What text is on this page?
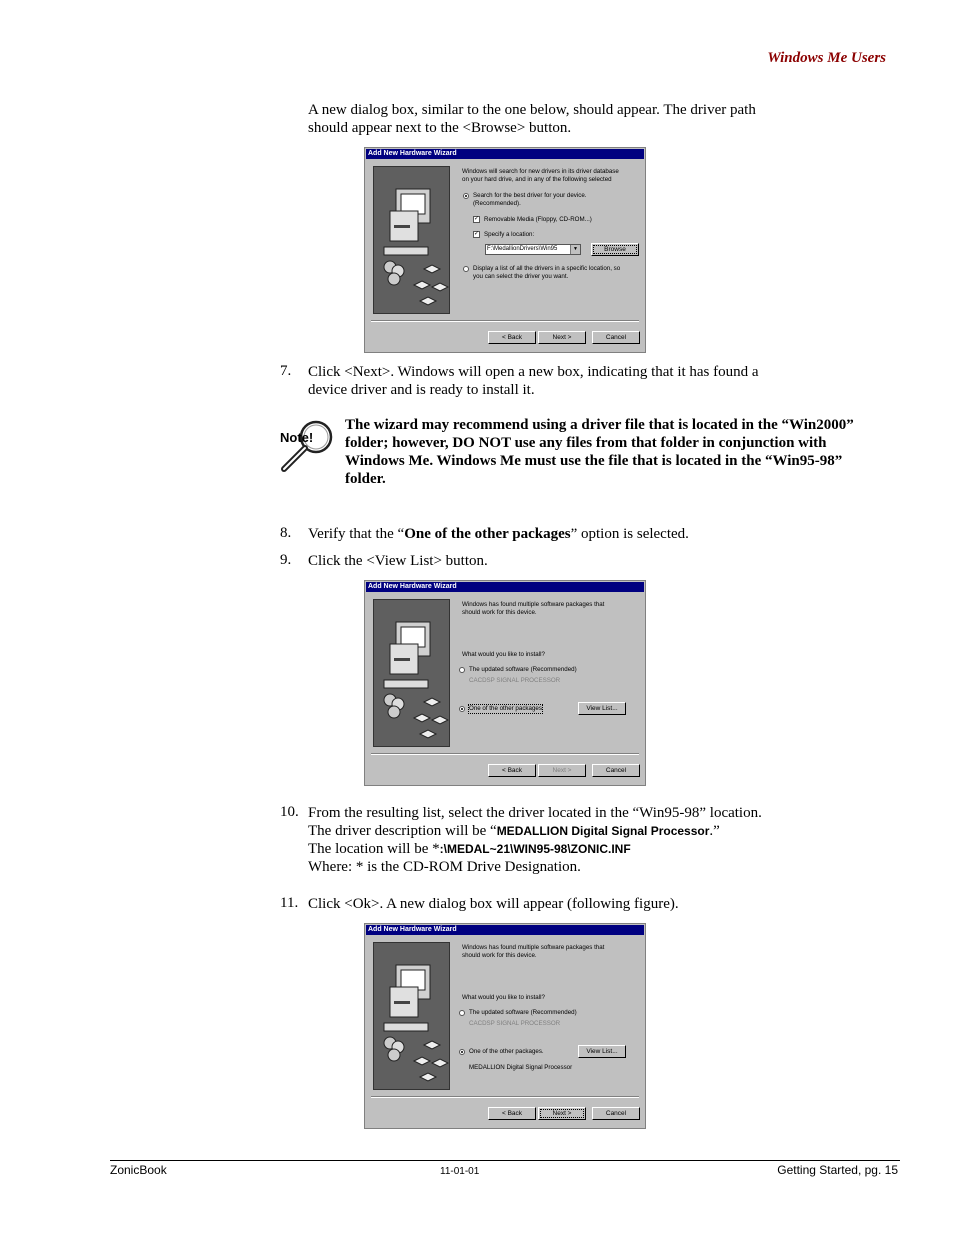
Windows Me Users
A new dialog box, similar to the one below, should appear. The driver path
should appear next to the <Browse> button.
Add New Hardware Wizard
Windows will search for new drivers in its driver database
on your hard drive, and in any of the following selected
Search for the best driver for your device.
(Recommended).
✓ Removable Media (Floppy, CD-ROM...)
✓ Specify a location:
F:\MedallionDrivers\Win95	▼	Browse
Display a list of all the drivers in a specific location, so
you can select the driver you want.
< Back	Next >	Cancel
7. Click <Next>. Windows will open a new box, indicating that it has found a
device driver and is ready to install it.
Note!
The wizard may recommend using a driver file that is located in the “Win2000”
folder; however, DO NOT use any files from that folder in conjunction with
Windows Me. Windows Me must use the file that is located in the “Win95-98”
folder.
8. Verify that the “One of the other packages” option is selected.
9. Click the <View List> button.
Add New Hardware Wizard
Windows has found multiple software packages that
should work for this device.
What would you like to install?
The updated software (Recommended)
CACDSP SIGNAL PROCESSOR
One of the other packages	View List...
< Back	Next >	Cancel
10. From the resulting list, select the driver located in the “Win95-98” location.
The driver description will be “MEDALLION Digital Signal Processor.”
The location will be *:\MEDAL~21\WIN95-98\ZONIC.INF
Where: * is the CD-ROM Drive Designation.
11. Click <Ok>. A new dialog box will appear (following figure).
Add New Hardware Wizard
Windows has found multiple software packages that
should work for this device.
What would you like to install?
The updated software (Recommended)
CACDSP SIGNAL PROCESSOR
One of the other packages.	View List...
MEDALLION Digital Signal Processor
< Back	Next >	Cancel
ZonicBook	11-01-01	Getting Started, pg. 15
